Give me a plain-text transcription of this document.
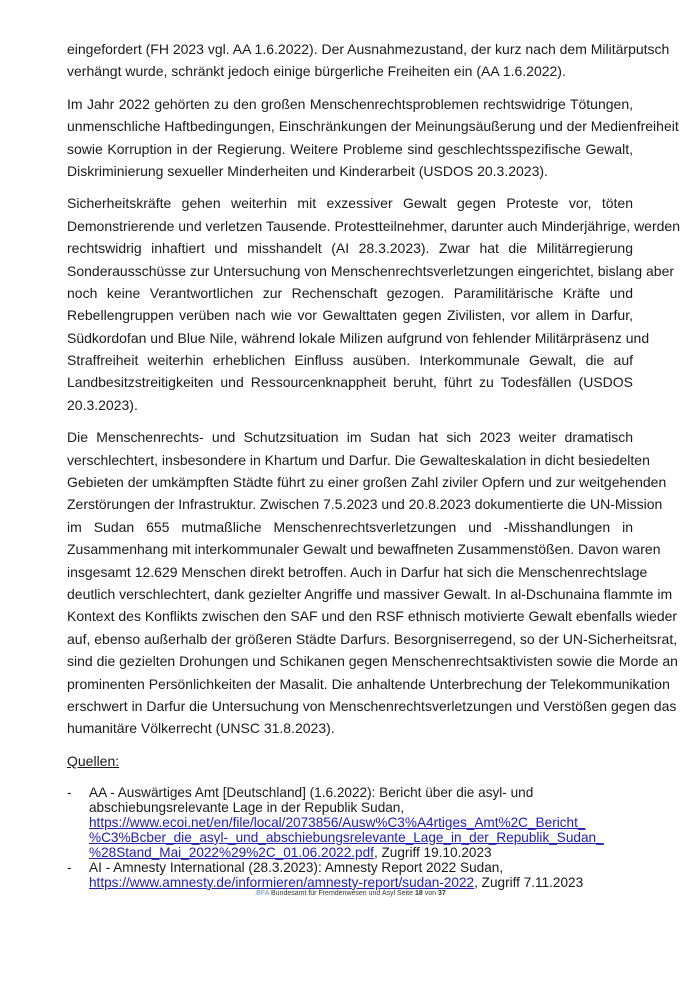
eingefordert (FH 2023 vgl. AA 1.6.2022). Der Ausnahmezustand, der kurz nach dem Militärputsch
verhängt wurde, schränkt jedoch einige bürgerliche Freiheiten ein (AA 1.6.2022).
Im Jahr 2022 gehörten zu den großen Menschenrechtsproblemen rechtswidrige Tötungen,
unmenschliche Haftbedingungen, Einschränkungen der Meinungsäußerung und der Medienfreiheit
sowie Korruption in der Regierung. Weitere Probleme sind geschlechtsspezifische Gewalt,
Diskriminierung sexueller Minderheiten und Kinderarbeit (USDOS 20.3.2023).
Sicherheitskräfte gehen weiterhin mit exzessiver Gewalt gegen Proteste vor, töten
Demonstrierende und verletzen Tausende. Protestteilnehmer, darunter auch Minderjährige, werden
rechtswidrig inhaftiert und misshandelt (AI 28.3.2023). Zwar hat die Militärregierung
Sonderausschüsse zur Untersuchung von Menschenrechtsverletzungen eingerichtet, bislang aber
noch keine Verantwortlichen zur Rechenschaft gezogen. Paramilitärische Kräfte und
Rebellengruppen verüben nach wie vor Gewalttaten gegen Zivilisten, vor allem in Darfur,
Südkordofan und Blue Nile, während lokale Milizen aufgrund von fehlender Militärpräsenz und
Straffreiheit weiterhin erheblichen Einfluss ausüben. Interkommunale Gewalt, die auf
Landbesitzstreitigkeiten und Ressourcenknappheit beruht, führt zu Todesfällen (USDOS
20.3.2023).
Die Menschenrechts- und Schutzsituation im Sudan hat sich 2023 weiter dramatisch
verschlechtert, insbesondere in Khartum und Darfur. Die Gewalteskalation in dicht besiedelten
Gebieten der umkämpften Städte führt zu einer großen Zahl ziviler Opfern und zur weitgehenden
Zerstörungen der Infrastruktur. Zwischen 7.5.2023 und 20.8.2023 dokumentierte die UN-Mission
im Sudan 655 mutmaßliche Menschenrechtsverletzungen und -Misshandlungen in
Zusammenhang mit interkommunaler Gewalt und bewaffneten Zusammenstößen. Davon waren
insgesamt 12.629 Menschen direkt betroffen. Auch in Darfur hat sich die Menschenrechtslage
deutlich verschlechtert, dank gezielter Angriffe und massiver Gewalt. In al-Dschunaina flammte im
Kontext des Konflikts zwischen den SAF und den RSF ethnisch motivierte Gewalt ebenfalls wieder
auf, ebenso außerhalb der größeren Städte Darfurs. Besorgniserregend, so der UN-Sicherheitsrat,
sind die gezielten Drohungen und Schikanen gegen Menschenrechtsaktivisten sowie die Morde an
prominenten Persönlichkeiten der Masalit. Die anhaltende Unterbrechung der Telekommunikation
erschwert in Darfur die Untersuchung von Menschenrechtsverletzungen und Verstößen gegen das
humanitäre Völkerrecht (UNSC 31.8.2023).
Quellen:
- AA - Auswärtiges Amt [Deutschland] (1.6.2022): Bericht über die asyl- und
abschiebungsrelevante Lage in der Republik Sudan,
https://www.ecoi.net/en/file/local/2073856/Ausw%C3%A4rtiges_Amt%2C_Bericht_
%C3%Bcber_die_asyl-_und_abschiebungsrelevante_Lage_in_der_Republik_Sudan_
%28Stand_Mai_2022%29%2C_01.06.2022.pdf, Zugriff 19.10.2023
- AI - Amnesty International (28.3.2023): Amnesty Report 2022 Sudan,
https://www.amnesty.de/informieren/amnesty-report/sudan-2022, Zugriff 7.11.2023
.BFA Bundesamt für Fremdenwesen und Asyl Seite 18 von 37
